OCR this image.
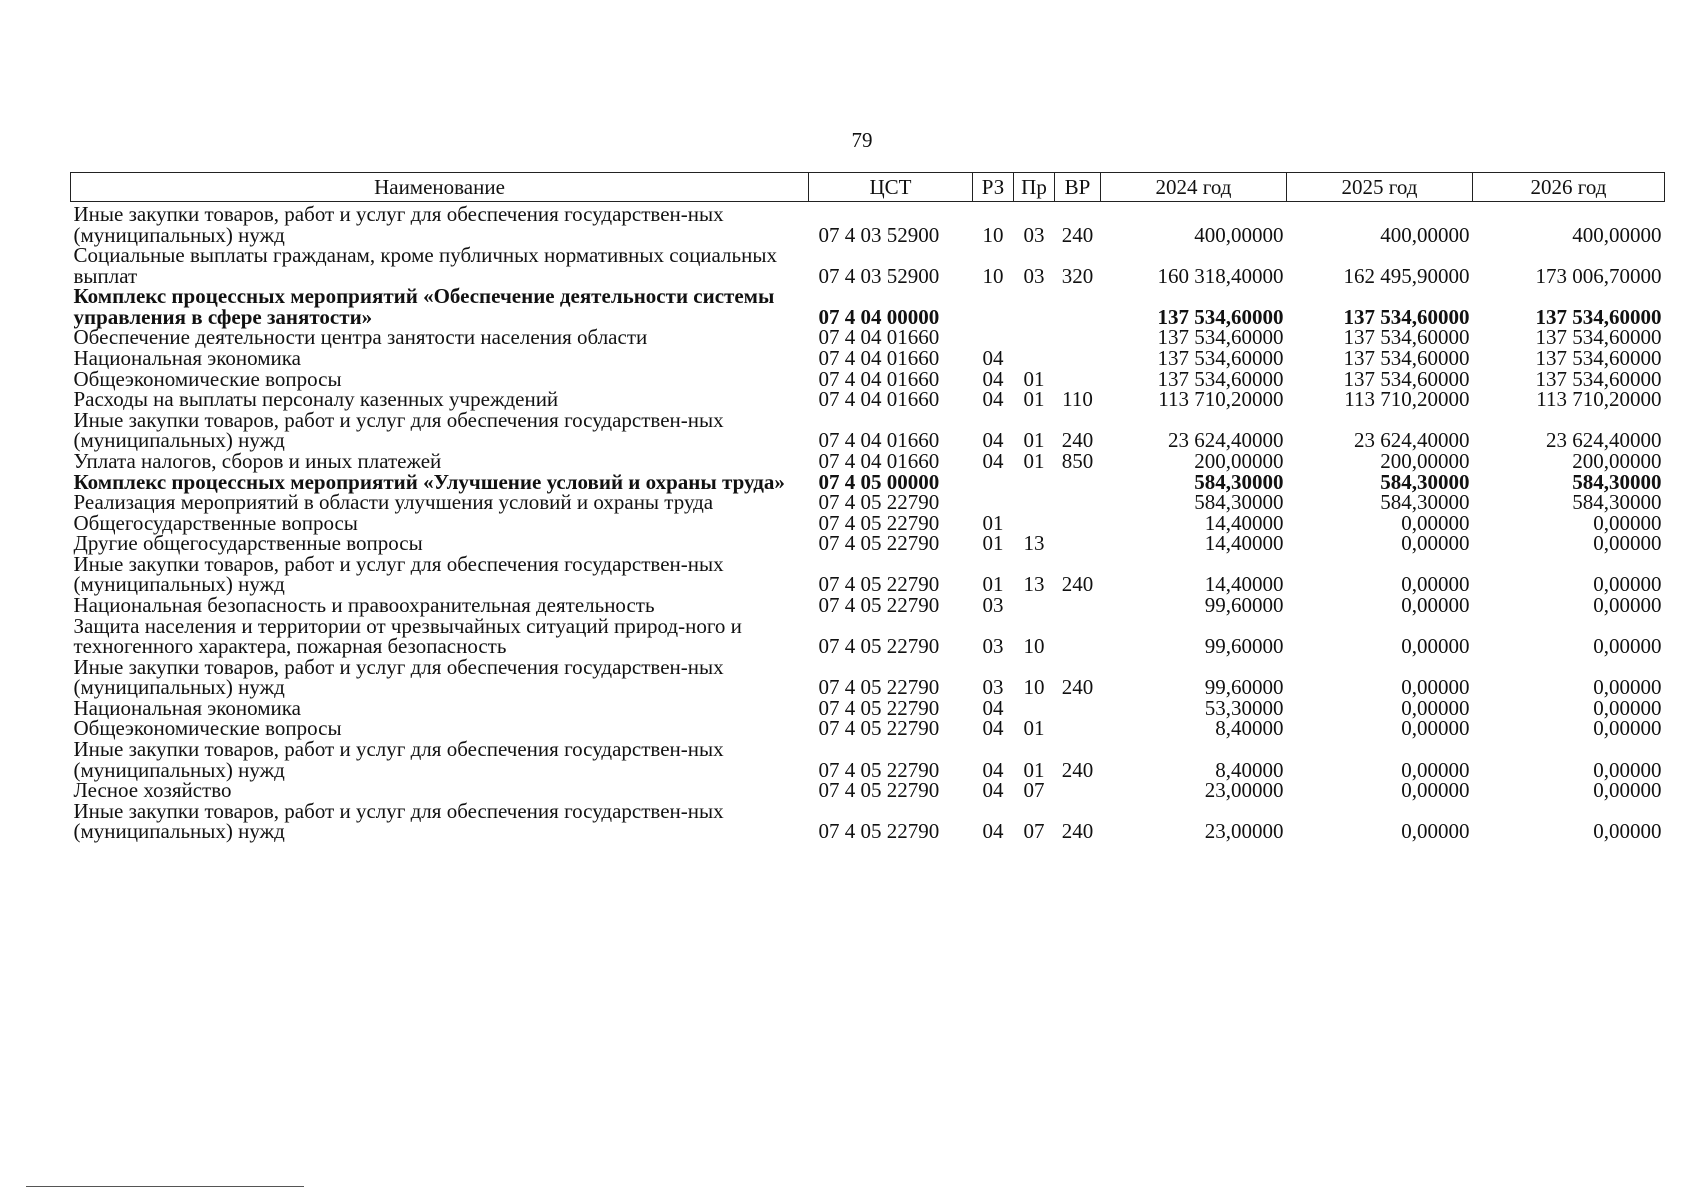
79
Наименование	ЦСТ	РЗ	Пр	ВР	2024 год	2025 год	2026 год
Иные закупки товаров, работ и услуг для обеспечения государствен-ных (муниципальных) нужд	07 4 03 52900	10	03	240	400,00000	400,00000	400,00000
Социальные выплаты гражданам, кроме публичных нормативных социальных выплат	07 4 03 52900	10	03	320	160 318,40000	162 495,90000	173 006,70000
Комплекс процессных мероприятий «Обеспечение деятельности системы управления в сфере занятости»	07 4 04 00000				137 534,60000	137 534,60000	137 534,60000
Обеспечение деятельности центра занятости населения области	07 4 04 01660				137 534,60000	137 534,60000	137 534,60000
Национальная экономика	07 4 04 01660	04			137 534,60000	137 534,60000	137 534,60000
Общеэкономические вопросы	07 4 04 01660	04	01		137 534,60000	137 534,60000	137 534,60000
Расходы на выплаты персоналу казенных учреждений	07 4 04 01660	04	01	110	113 710,20000	113 710,20000	113 710,20000
Иные закупки товаров, работ и услуг для обеспечения государствен-ных (муниципальных) нужд	07 4 04 01660	04	01	240	23 624,40000	23 624,40000	23 624,40000
Уплата налогов, сборов и иных платежей	07 4 04 01660	04	01	850	200,00000	200,00000	200,00000
Комплекс процессных мероприятий «Улучшение условий и охраны труда»	07 4 05 00000				584,30000	584,30000	584,30000
Реализация мероприятий в области улучшения условий и охраны труда	07 4 05 22790				584,30000	584,30000	584,30000
Общегосударственные вопросы	07 4 05 22790	01			14,40000	0,00000	0,00000
Другие общегосударственные вопросы	07 4 05 22790	01	13		14,40000	0,00000	0,00000
Иные закупки товаров, работ и услуг для обеспечения государствен-ных (муниципальных) нужд	07 4 05 22790	01	13	240	14,40000	0,00000	0,00000
Национальная безопасность и правоохранительная деятельность	07 4 05 22790	03			99,60000	0,00000	0,00000
Защита населения и территории от чрезвычайных ситуаций природ-ного и техногенного характера, пожарная безопасность	07 4 05 22790	03	10		99,60000	0,00000	0,00000
Иные закупки товаров, работ и услуг для обеспечения государствен-ных (муниципальных) нужд	07 4 05 22790	03	10	240	99,60000	0,00000	0,00000
Национальная экономика	07 4 05 22790	04			53,30000	0,00000	0,00000
Общеэкономические вопросы	07 4 05 22790	04	01		8,40000	0,00000	0,00000
Иные закупки товаров, работ и услуг для обеспечения государствен-ных (муниципальных) нужд	07 4 05 22790	04	01	240	8,40000	0,00000	0,00000
Лесное хозяйство	07 4 05 22790	04	07		23,00000	0,00000	0,00000
Иные закупки товаров, работ и услуг для обеспечения государствен-ных (муниципальных) нужд	07 4 05 22790	04	07	240	23,00000	0,00000	0,00000
